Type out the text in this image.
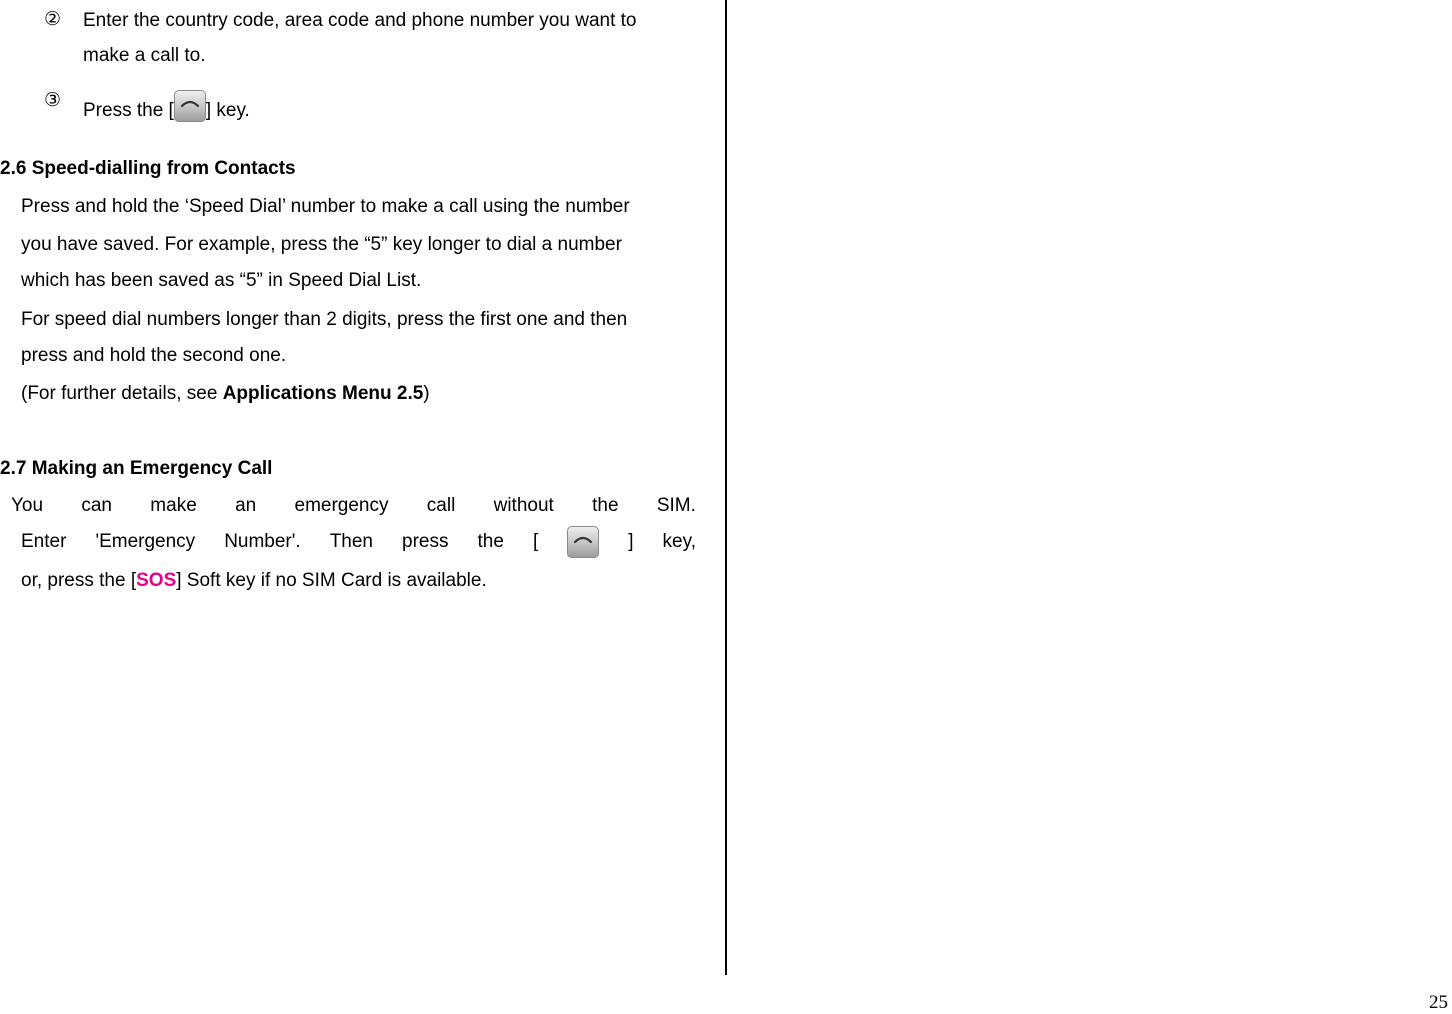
② Enter the country code, area code and phone number you want to
make a call to.
③ Press the [ ] key.
2.6 Speed-dialling from Contacts
Press and hold the ‘Speed Dial’ number to make a call using the number
you have saved. For example, press the “5” key longer to dial a number
which has been saved as “5” in Speed Dial List.
For speed dial numbers longer than 2 digits, press the first one and then
press and hold the second one.
(For further details, see Applications Menu 2.5)
2.7 Making an Emergency Call
You can make an emergency call without the SIM.
Enter 'Emergency Number'. Then press the [	] key,
or, press the [SOS] Soft key if no SIM Card is available.
25
